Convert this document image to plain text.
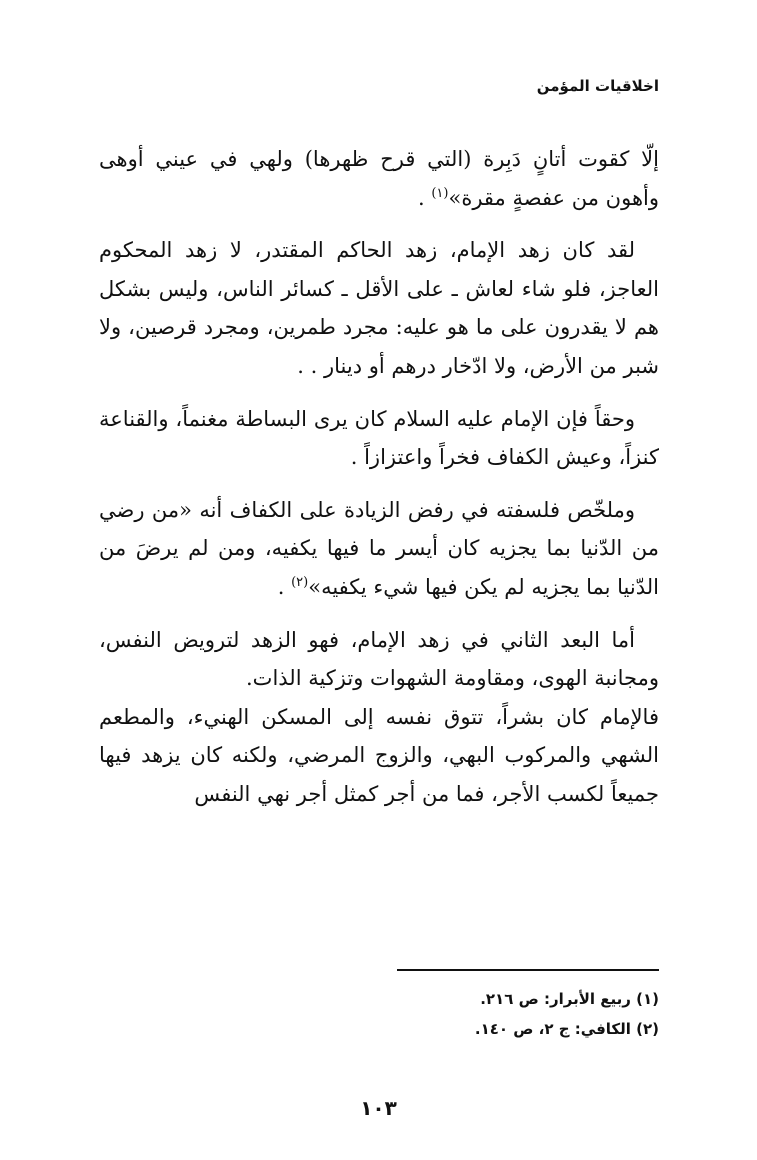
اخلاقيات المؤمن

إلّا كقوت أتانٍ دَبِرة (التي قرح ظهرها) ولهي في عيني أوهى وأهون من عفصةٍ مقرة»$^{(١)}$ .

لقد كان زهد الإمام، زهد الحاكم المقتدر، لا زهد المحكوم العاجز، فلو شاء لعاش ـ على الأقل ـ كسائر الناس، وليس بشكل هم لا يقدرون على ما هو عليه: مجرد طمرين، ومجرد قرصين، ولا شبر من الأرض، ولا ادّخار درهم أو دينار . .

وحقاً فإن الإمام عليه السلام كان يرى البساطة مغنماً، والقناعة كنزاً، وعيش الكفاف فخراً واعتزازاً .

وملخّص فلسفته في رفض الزيادة على الكفاف أنه «من رضي من الدّنيا بما يجزيه كان أيسر ما فيها يكفيه، ومن لم يرضَ من الدّنيا بما يجزيه لم يكن فيها شيء يكفيه»$^{(٢)}$ .

أما البعد الثاني في زهد الإمام، فهو الزهد لترويض النفس، ومجانبة الهوى، ومقاومة الشهوات وتزكية الذات.

فالإمام كان بشراً، تتوق نفسه إلى المسكن الهنيء، والمطعم الشهي والمركوب البهي، والزوج المرضي، ولكنه كان يزهد فيها جميعاً لكسب الأجر، فما من أجر كمثل أجر نهي النفس

(١) ربيع الأبرار: ص ٢١٦.
(٢) الكافي: ج ٢، ص ١٤٠.
١٠٣
